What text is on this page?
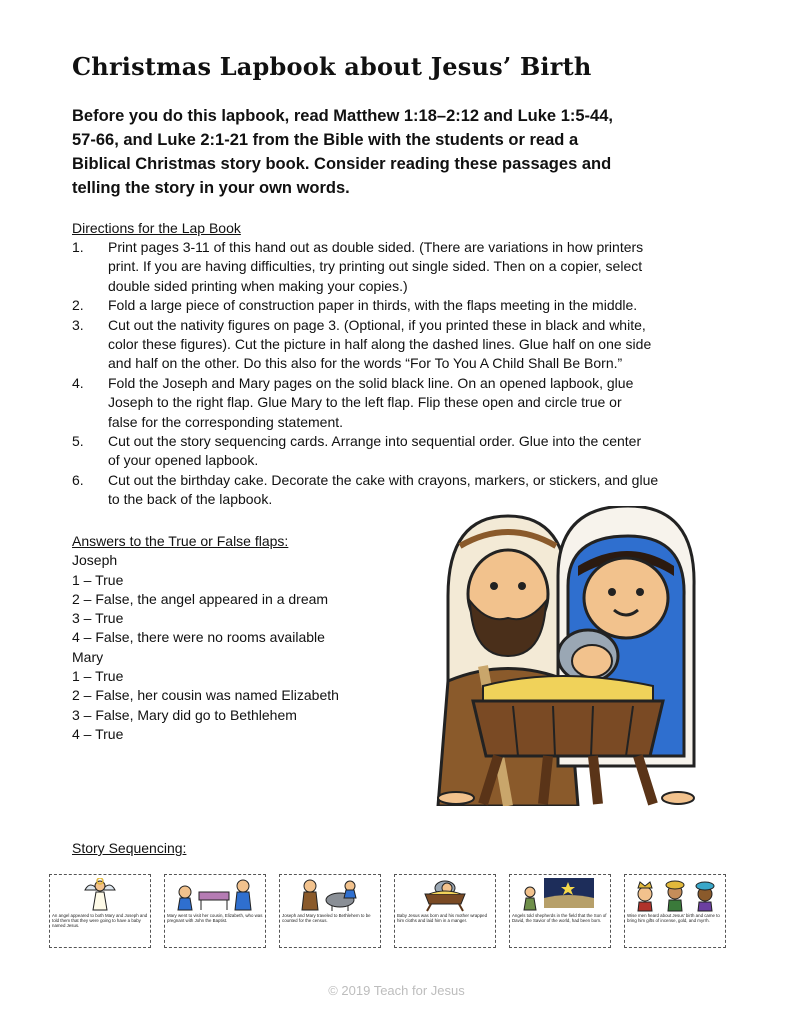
Christmas Lapbook about Jesus’ Birth
Before you do this lapbook, read Matthew 1:18–2:12 and Luke 1:5-44,
57-66, and Luke 2:1-21 from the Bible with the students or read a
Biblical Christmas story book. Consider reading these passages and
telling the story in your own words.
Directions for the Lap Book
1.	Print pages 3-11 of this hand out as double sided. (There are variations in how printers
print. If you are having difficulties, try printing out single sided. Then on a copier, select
double sided printing when making your copies.)
2.	Fold a large piece of construction paper in thirds, with the flaps meeting in the middle.
3.	Cut out the nativity figures on page 3. (Optional, if you printed these in black and white,
color these figures). Cut the picture in half along the dashed lines. Glue half on one side
and half on the other. Do this also for the words “For To You A Child Shall Be Born.”
4.	Fold the Joseph and Mary pages on the solid black line. On an opened lapbook, glue
Joseph to the right flap. Glue Mary to the left flap. Flip these open and circle true or
false for the corresponding statement.
5.	Cut out the story sequencing cards. Arrange into sequential order. Glue into the center
of your opened lapbook.
6.	Cut out the birthday cake. Decorate the cake with crayons, markers, or stickers, and glue
to the back of the lapbook.
Answers to the True or False flaps:
Joseph
1 – True
2 – False, the angel appeared in a dream
3 – True
4 – False, there were no rooms available
Mary
1 – True
2 – False, her cousin was named Elizabeth
3 – False, Mary did go to Bethlehem
4 – True
Story Sequencing:
An angel appeared to both Mary and Joseph and told them that they were going to have a baby named Jesus.
Mary went to visit her cousin, Elizabeth, who was pregnant with John the Baptist.
Joseph and Mary traveled to Bethlehem to be counted for the census.
Baby Jesus was born and his mother wrapped him cloths and laid him in a manger.
Angels told shepherds in the field that the Son of David, the Savior of the world, had been born.
Wise men heard about Jesus' birth and came to bring him gifts of incense, gold, and myrrh.
© 2019 Teach for Jesus
